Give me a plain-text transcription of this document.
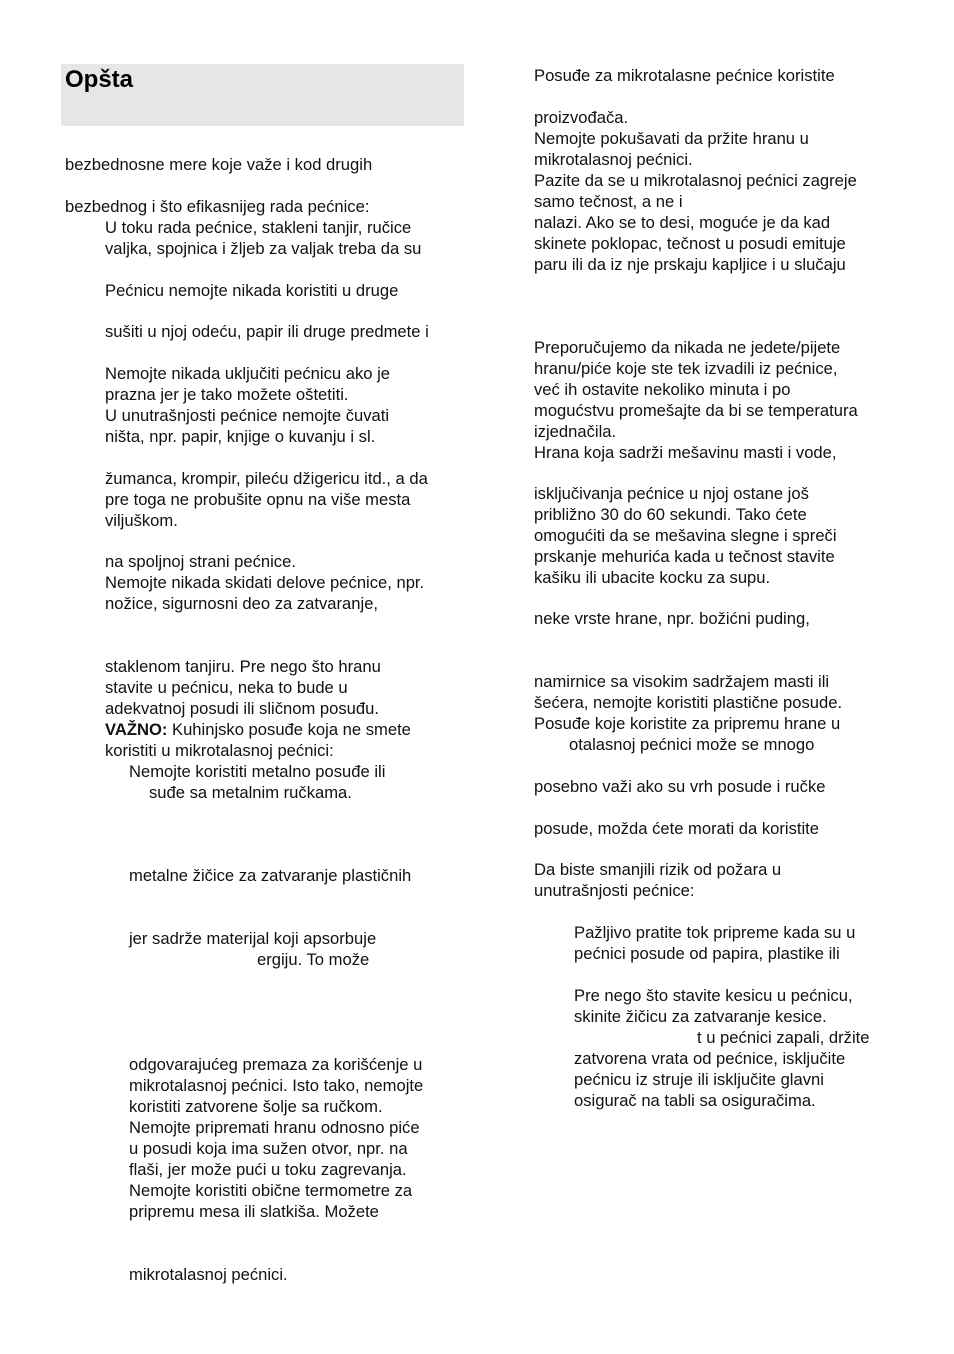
Opšta
bezbednosne mere koje važe i kod drugih
bezbednog i što efikasnijeg rada pećnice:
U toku rada pećnice, stakleni tanjir, ručice
valjka, spojnica i žljeb za valjak treba da su
Pećnicu nemojte nikada koristiti u druge
sušiti u njoj odeću, papir ili druge predmete i
Nemojte nikada uključiti pećnicu ako je
prazna jer je tako možete oštetiti.
U unutrašnjosti pećnice nemojte čuvati
ništa, npr. papir, knjige o kuvanju i sl.
žumanca, krompir, pileću džigericu itd., a da
pre toga ne probušite opnu na više mesta
viljuškom.
na spoljnoj strani pećnice.
Nemojte nikada skidati delove pećnice, npr.
nožice, sigurnosni deo za zatvaranje,
staklenom tanjiru. Pre nego što hranu
stavite u pećnicu, neka to bude u
adekvatnoj posudi ili sličnom posuđu.
VAŽNO: Kuhinjsko posuđe koja ne smete
koristiti u mikrotalasnoj pećnici:
Nemojte koristiti metalno posuđe ili
suđe sa metalnim ručkama.
metalne žičice za zatvaranje plastičnih
jer sadrže materijal koji apsorbuje
ergiju. To može
odgovarajućeg premaza za korišćenje u
mikrotalasnoj pećnici. Isto tako, nemojte
koristiti zatvorene šolje sa ručkom.
Nemojte pripremati hranu odnosno piće
u posudi koja ima sužen otvor, npr. na
flaši, jer može pući u toku zagrevanja.
Nemojte koristiti obične termometre za
pripremu mesa ili slatkiša. Možete
mikrotalasnoj pećnici.
Posuđe za mikrotalasne pećnice koristite
proizvođača.
Nemojte pokušavati da pržite hranu u
mikrotalasnoj pećnici.
Pazite da se u mikrotalasnoj pećnici zagreje
samo tečnost, a ne i
nalazi. Ako se to desi, moguće je da kad
skinete poklopac, tečnost u posudi emituje
paru ili da iz nje prskaju kapljice i u slučaju
Preporučujemo da nikada ne jedete/pijete
hranu/piće koje ste tek izvadili iz pećnice,
već ih ostavite nekoliko minuta i po
mogućstvu promešajte da bi se temperatura
izjednačila.
Hrana koja sadrži mešavinu masti i vode,
isključivanja pećnice u njoj ostane još
približno 30 do 60 sekundi. Tako ćete
omogućiti da se mešavina slegne i spreči
prskanje mehurića kada u tečnost stavite
kašiku ili ubacite kocku za supu.
neke vrste hrane, npr. božićni puding,
namirnice sa visokim sadržajem masti ili
šećera, nemojte koristiti plastične posude.
Posuđe koje koristite za pripremu hrane u
otalasnoj pećnici može se mnogo
posebno važi ako su vrh posude i ručke
posude, možda ćete morati da koristite
Da biste smanjili rizik od požara u
unutrašnjosti pećnice:
Pažljivo pratite tok pripreme kada su u
pećnici posude od papira, plastike ili
Pre nego što stavite kesicu u pećnicu,
skinite žičicu za zatvaranje kesice.
t u pećnici zapali, držite
zatvorena vrata od pećnice, isključite
pećnicu iz struje ili isključite glavni
osigurač na tabli sa osiguračima.
